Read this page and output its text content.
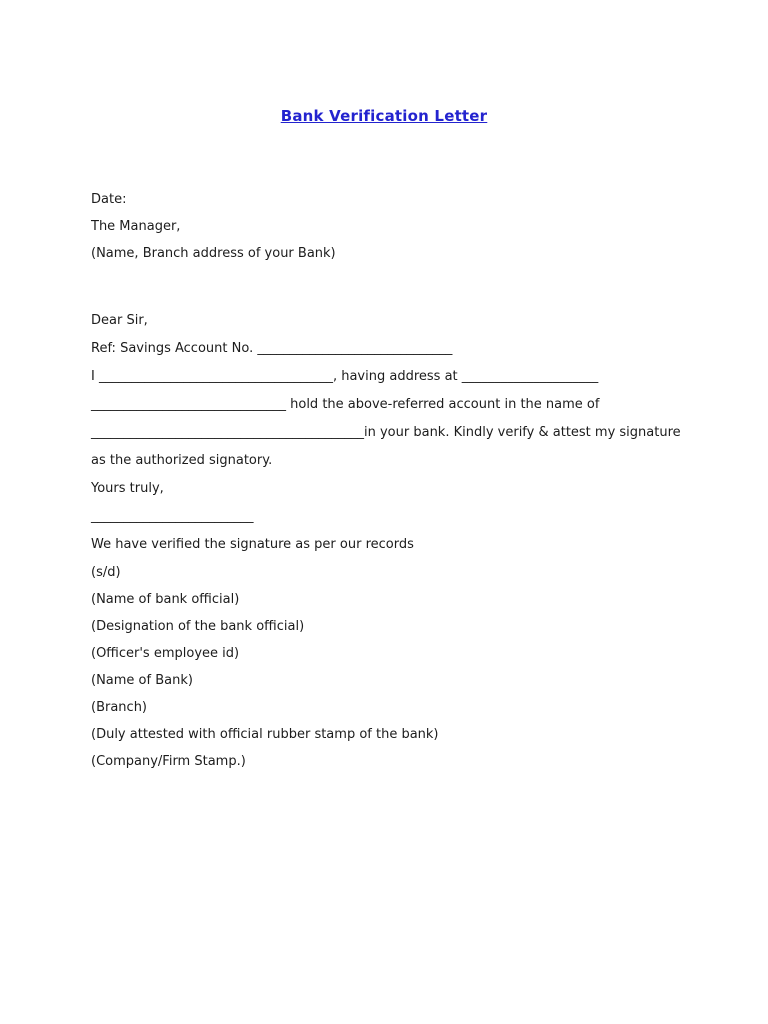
Bank Verification Letter

Date:

The Manager,

(Name, Branch address of your Bank)

Dear Sir,

Ref: Savings Account No. ______________________________

I ____________________________________, having address at _____________________

______________________________ hold the above-referred account in the name of

__________________________________________in your bank. Kindly verify & attest my signature

as the authorized signatory.

Yours truly,

_________________________

We have verified the signature as per our records

(s/d)

(Name of bank official)

(Designation of the bank official)

(Officer's employee id)

(Name of Bank)

(Branch)

(Duly attested with official rubber stamp of the bank)

(Company/Firm Stamp.)
